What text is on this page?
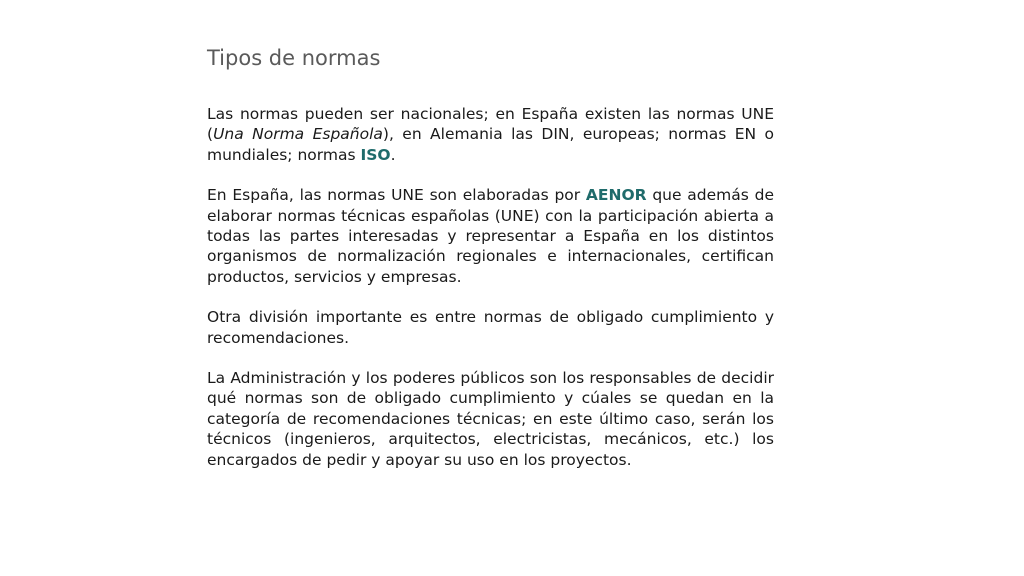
Tipos de normas

Las normas pueden ser nacionales; en España existen las normas UNE (Una Norma Española), en Alemania las DIN, europeas; normas EN o mundiales; normas ISO.

En España, las normas UNE son elaboradas por AENOR que además de elaborar normas técnicas españolas (UNE) con la participación abierta a todas las partes interesadas y representar a España en los distintos organismos de normalización regionales e internacionales, certifican productos, servicios y empresas.

Otra división importante es entre normas de obligado cumplimiento y recomendaciones.

La Administración y los poderes públicos son los responsables de decidir qué normas son de obligado cumplimiento y cúales se quedan en la categoría de recomendaciones técnicas; en este último caso, serán los técnicos (ingenieros, arquitectos, electricistas, mecánicos, etc.) los encargados de pedir y apoyar su uso en los proyectos.
